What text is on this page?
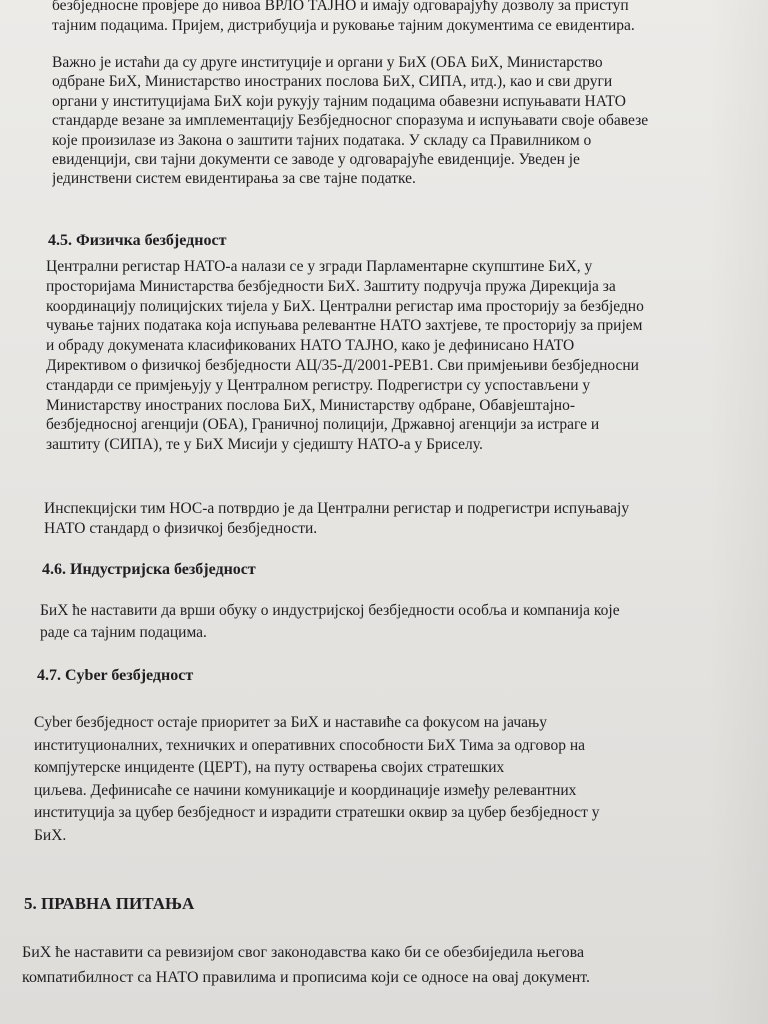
безбједносне провјере до нивоа ВРЛО ТАЈНО и имају одговарајућу дозволу за приступ
тајним подацима. Пријем, дистрибуција и руковање тајним документима се евидентира.

Важно је истаћи да су друге институције и органи у БиХ (ОБА БиХ, Министарство
одбране БиХ, Министарство иностраних послова БиХ, СИПА, итд.), као и сви други
органи у институцијама БиХ који рукују тајним подацима обавезни испуњавати НАТО
стандарде везане за имплементацију Безбједносног споразума и испуњавати своје обавезе
које произилазе из Закона о заштити тајних података. У складу са Правилником о
евиденцији, сви тајни документи се заводе у одговарајуће евиденције. Уведен је
јединствени систем евидентирања за све тајне податке.

4.5. Физичка безбједност

Централни регистар НАТО-а налази се у згради Парламентарне скупштине БиХ, у
просторијама Министарства безбједности БиХ. Заштиту подручја пружа Дирекција за
координацију полицијских тијела у БиХ. Централни регистар има просторију за безбједно
чување тајних података која испуњава релевантне НАТО захтјеве, те просторију за пријем
и обраду докумената класификованих НАТО ТАЈНО, како је дефинисано НАТО
Директивом о физичкој безбједности АЦ/35-Д/2001-РЕВ1. Сви примјењиви безбједносни
стандарди се примјењују у Централном регистру. Подрегистри су успостављени у
Министарству иностраних послова БиХ, Министарству одбране, Обавјештајно-
безбједносној агенцији (ОБА), Граничној полицији, Државној агенцији за истраге и
заштиту (СИПА), те у БиХ Мисији у сједишту НАТО-а у Бриселу.

Инспекцијски тим НОС-а потврдио је да Централни регистар и подрегистри испуњавају
НАТО стандард о физичкој безбједности.

4.6. Индустријска безбједност

БиХ ће наставити да врши обуку о индустријској безбједности особља и компанија које
раде са тајним подацима.

4.7. Cyber безбједност

Cyber безбједност остаје приоритет за БиХ и наставиће са фокусом на јачању
институционалних, техничких и оперативних способности БиХ Тима за одговор на
компјутерске инциденте (ЦЕРТ), на путу остварења својих стратешких
циљева. Дефинисаће се начини комуникације и координације између релевантних
институција за цубер безбједност и израдити стратешки оквир за цубер безбједност у
БиХ.

5. ПРАВНА ПИТАЊА

БиХ ће наставити са ревизијом свог законодавства како би се обезбиједила његова
компатибилност са НАТО правилима и прописима који се односе на овај документ.
